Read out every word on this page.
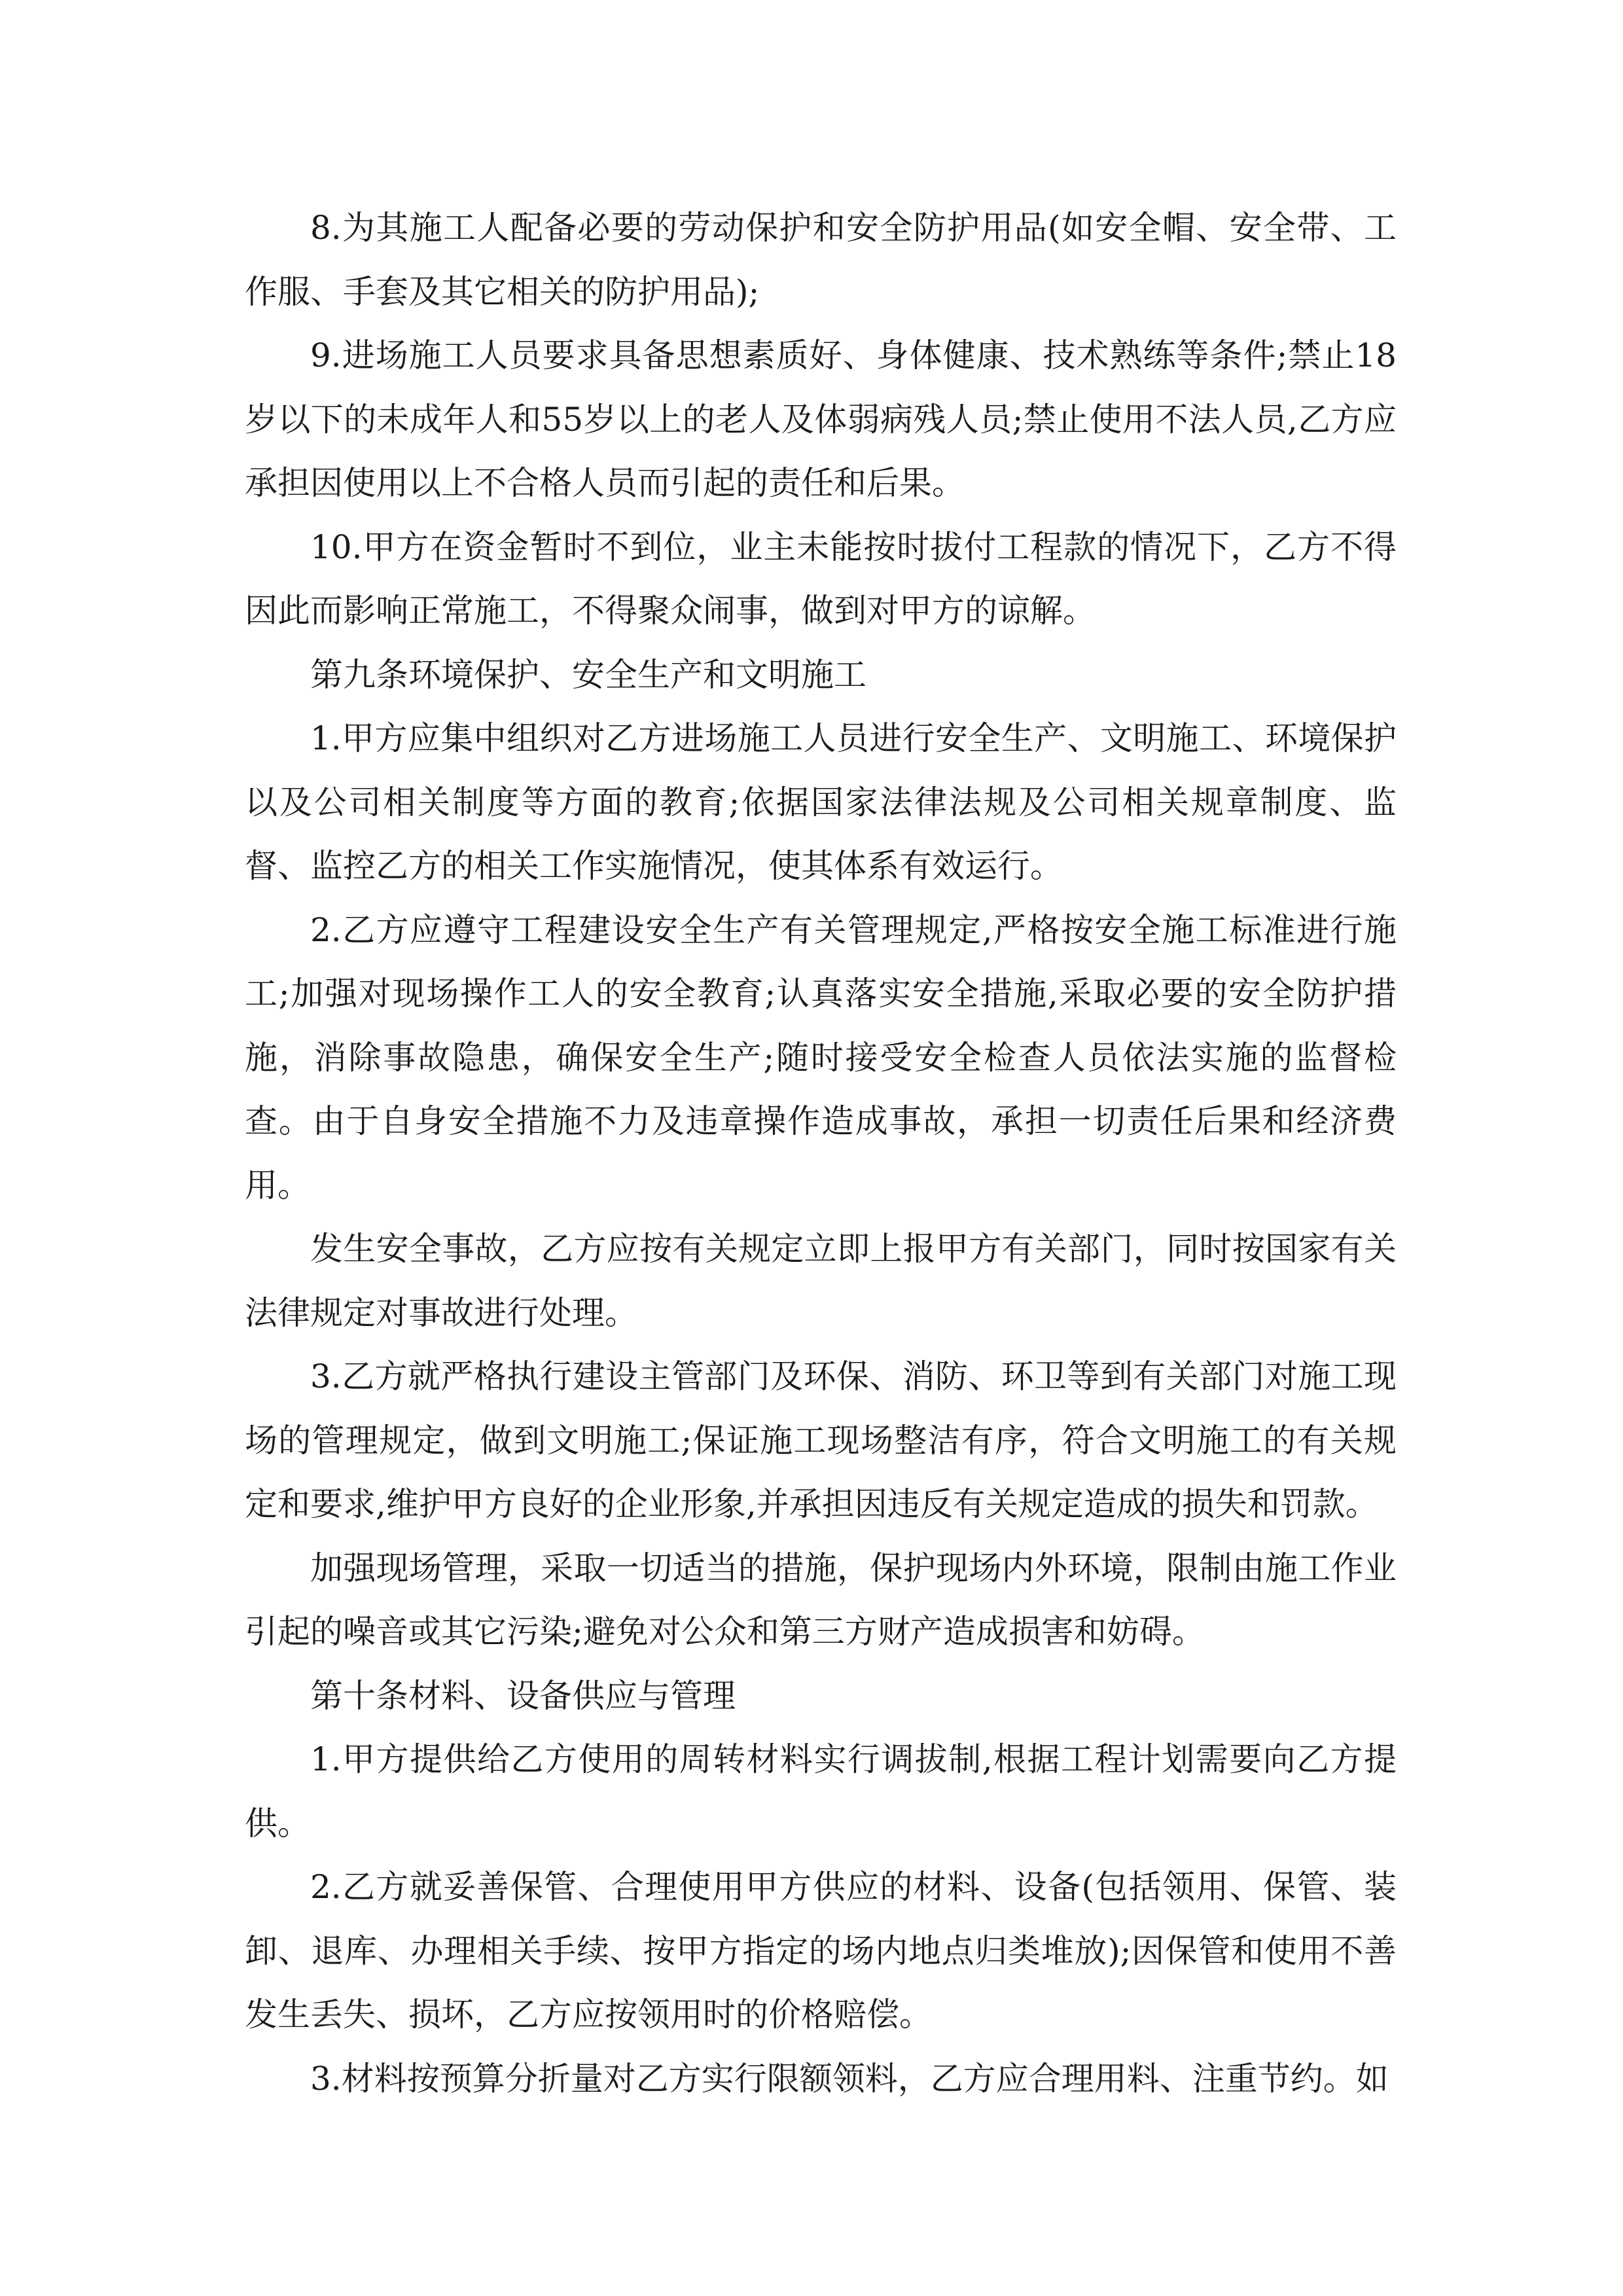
8.为其施工人配备必要的劳动保护和安全防护用品(如安全帽、安全带、工作服、手套及其它相关的防护用品);

9.进场施工人员要求具备思想素质好、身体健康、技术熟练等条件;禁止18岁以下的未成年人和55岁以上的老人及体弱病残人员;禁止使用不法人员,乙方应承担因使用以上不合格人员而引起的责任和后果。

10.甲方在资金暂时不到位，业主未能按时拔付工程款的情况下，乙方不得因此而影响正常施工，不得聚众闹事，做到对甲方的谅解。

第九条环境保护、安全生产和文明施工

1.甲方应集中组织对乙方进场施工人员进行安全生产、文明施工、环境保护以及公司相关制度等方面的教育;依据国家法律法规及公司相关规章制度、监督、监控乙方的相关工作实施情况，使其体系有效运行。

2.乙方应遵守工程建设安全生产有关管理规定,严格按安全施工标准进行施工;加强对现场操作工人的安全教育;认真落实安全措施,采取必要的安全防护措施，消除事故隐患，确保安全生产;随时接受安全检查人员依法实施的监督检查。由于自身安全措施不力及违章操作造成事故，承担一切责任后果和经济费用。

发生安全事故，乙方应按有关规定立即上报甲方有关部门，同时按国家有关法律规定对事故进行处理。

3.乙方就严格执行建设主管部门及环保、消防、环卫等到有关部门对施工现场的管理规定，做到文明施工;保证施工现场整洁有序，符合文明施工的有关规定和要求,维护甲方良好的企业形象,并承担因违反有关规定造成的损失和罚款。

加强现场管理，采取一切适当的措施，保护现场内外环境，限制由施工作业引起的噪音或其它污染;避免对公众和第三方财产造成损害和妨碍。

第十条材料、设备供应与管理

1.甲方提供给乙方使用的周转材料实行调拔制,根据工程计划需要向乙方提供。

2.乙方就妥善保管、合理使用甲方供应的材料、设备(包括领用、保管、装卸、退库、办理相关手续、按甲方指定的场内地点归类堆放);因保管和使用不善发生丢失、损坏，乙方应按领用时的价格赔偿。

3.材料按预算分折量对乙方实行限额领料，乙方应合理用料、注重节约。如
